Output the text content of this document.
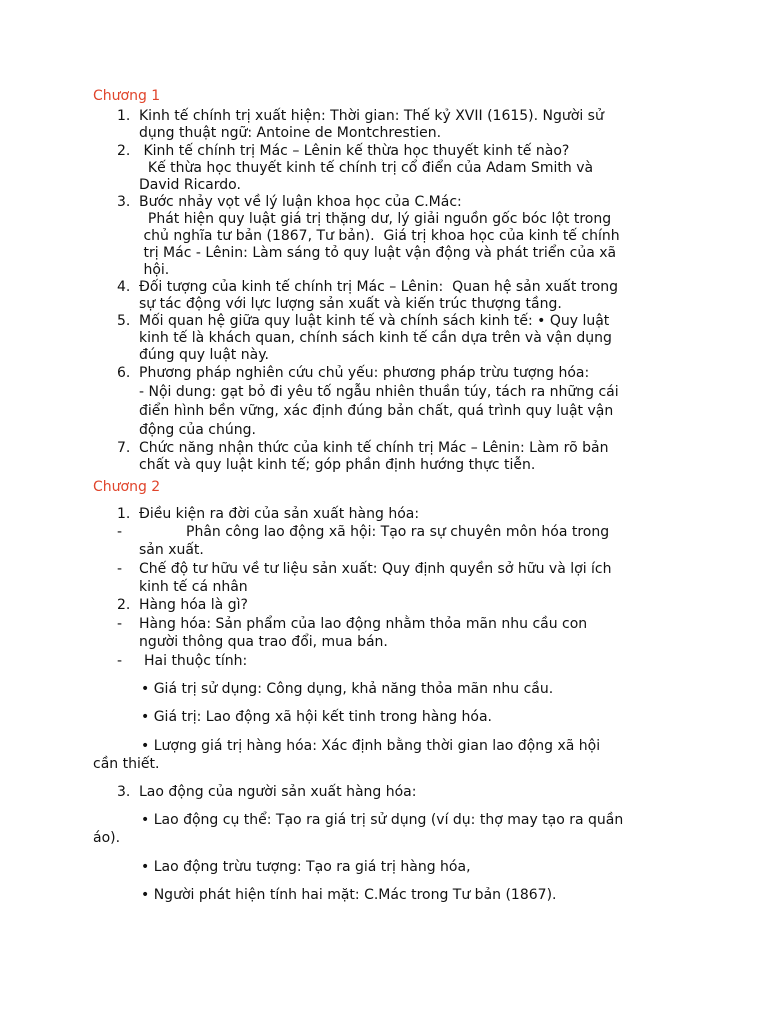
Chương 1
1. Kinh tế chính trị xuất hiện: Thời gian: Thế kỷ XVII (1615). Người sử
dụng thuật ngữ: Antoine de Montchrestien.
2. Kinh tế chính trị Mác – Lênin kế thừa học thuyết kinh tế nào?
Kế thừa học thuyết kinh tế chính trị cổ điển của Adam Smith và
David Ricardo.
3. Bước nhảy vọt về lý luận khoa học của C.Mác:
Phát hiện quy luật giá trị thặng dư, lý giải nguồn gốc bóc lột trong
chủ nghĩa tư bản (1867, Tư bản).  Giá trị khoa học của kinh tế chính
trị Mác - Lênin: Làm sáng tỏ quy luật vận động và phát triển của xã
hội.
4. Đối tượng của kinh tế chính trị Mác – Lênin:  Quan hệ sản xuất trong
sự tác động với lực lượng sản xuất và kiến trúc thượng tầng.
5. Mối quan hệ giữa quy luật kinh tế và chính sách kinh tế: • Quy luật
kinh tế là khách quan, chính sách kinh tế cần dựa trên và vận dụng
đúng quy luật này.
6. Phương pháp nghiên cứu chủ yếu: phương pháp trừu tượng hóa:
- Nội dung: gạt bỏ đi yêu tố ngẫu nhiên thuần túy, tách ra những cái
điển hình bền vững, xác định đúng bản chất, quá trình quy luật vận
động của chúng.
7. Chức năng nhận thức của kinh tế chính trị Mác – Lênin: Làm rõ bản
chất và quy luật kinh tế; góp phần định hướng thực tiễn.
Chương 2
1. Điều kiện ra đời của sản xuất hàng hóa:
-	Phân công lao động xã hội: Tạo ra sự chuyên môn hóa trong
sản xuất.
- Chế độ tư hữu về tư liệu sản xuất: Quy định quyền sở hữu và lợi ích
kinh tế cá nhân
2. Hàng hóa là gì?
- Hàng hóa: Sản phẩm của lao động nhằm thỏa mãn nhu cầu con
người thông qua trao đổi, mua bán.
- Hai thuộc tính:
• Giá trị sử dụng: Công dụng, khả năng thỏa mãn nhu cầu.
• Giá trị: Lao động xã hội kết tinh trong hàng hóa.
• Lượng giá trị hàng hóa: Xác định bằng thời gian lao động xã hội
cần thiết.
3. Lao động của người sản xuất hàng hóa:
• Lao động cụ thể: Tạo ra giá trị sử dụng (ví dụ: thợ may tạo ra quần
áo).
• Lao động trừu tượng: Tạo ra giá trị hàng hóa,
• Người phát hiện tính hai mặt: C.Mác trong Tư bản (1867).
